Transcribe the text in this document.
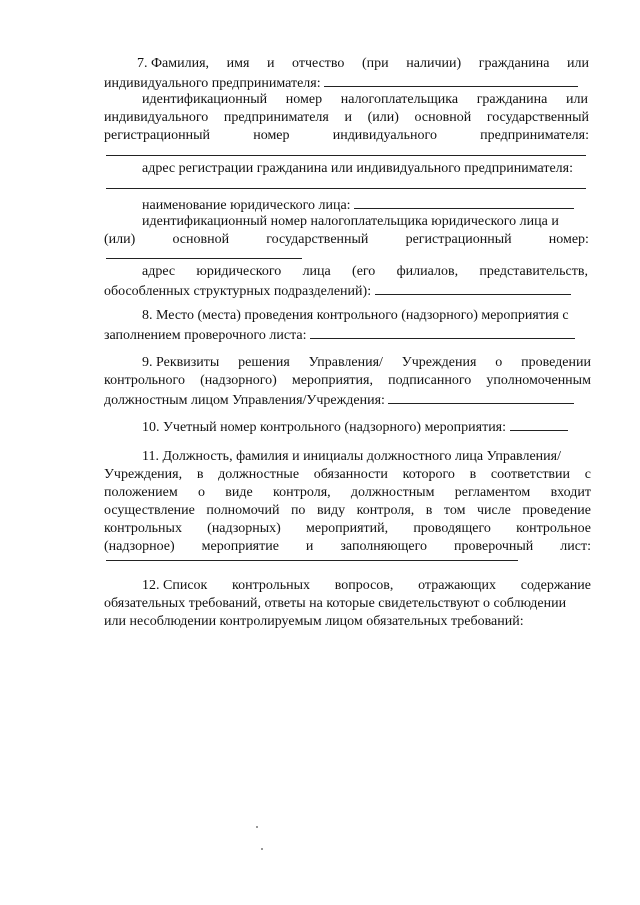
7. Фамилия, имя и отчество (при наличии) гражданина или
индивидуального предпринимателя:
идентификационный номер налогоплательщика гражданина или
индивидуального предпринимателя и (или) основной государственный
регистрационный	номер	индивидуального	предпринимателя:
адрес регистрации гражданина или индивидуального предпринимателя:
наименование юридического лица:
идентификационный номер налогоплательщика юридического лица и
(или)	основной	государственный	регистрационный	номер:
адрес юридического лица (его филиалов, представительств,
обособленных структурных подразделений):
8. Место (места) проведения контрольного (надзорного) мероприятия с
заполнением проверочного листа:
9. Реквизиты решения Управления/ Учреждения о проведении
контрольного (надзорного) мероприятия, подписанного уполномоченным
должностным лицом Управления/Учреждения:
10. Учетный номер контрольного (надзорного) мероприятия:
11. Должность, фамилия и инициалы должностного лица Управления/
Учреждения, в должностные обязанности которого в соответствии с
положением о виде контроля, должностным регламентом входит
осуществление полномочий по виду контроля, в том числе проведение
контрольных (надзорных) мероприятий, проводящего контрольное
(надзорное) мероприятие и заполняющего проверочный лист:
12. Список контрольных вопросов, отражающих содержание
обязательных требований, ответы на которые свидетельствуют о соблюдении
или несоблюдении контролируемым лицом обязательных требований:
